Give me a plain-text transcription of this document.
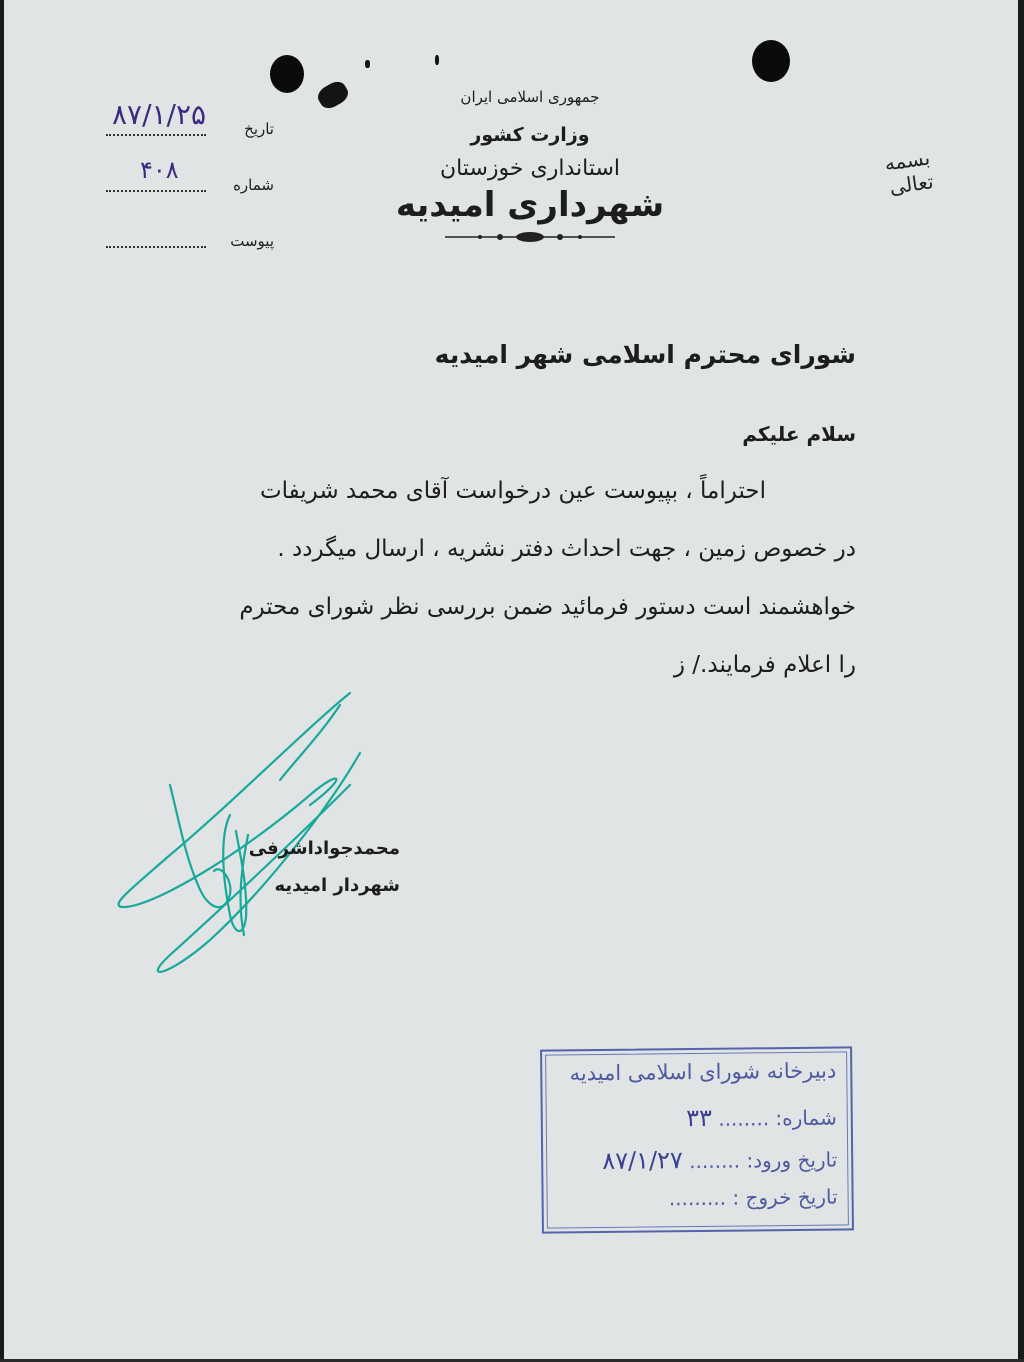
جمهوری اسلامی ایران
وزارت کشور
استانداری خوزستان
شهرداری امیدیه
بسمه تعالی
۸۷/۱/۲۵	تاریخ
۴۰۸
شماره
پیوست
شورای محترم اسلامی شهر امیدیه
سلام علیکم
احتراماً ، بپیوست عین درخواست آقای محمد شریفات
در خصوص زمین ، جهت احداث دفتر نشریه ، ارسال میگردد .
خواهشمند است دستور فرمائید ضمن بررسی نظر شورای محترم
را اعلام فرمایند./ ز
محمدجواداشرفی
شهردار امیدیه
دبیرخانه شورای اسلامی امیدیه
شماره: ........ ۳۳
تاریخ ورود: ........ ۸۷/۱/۲۷
تاریخ خروج : .........
